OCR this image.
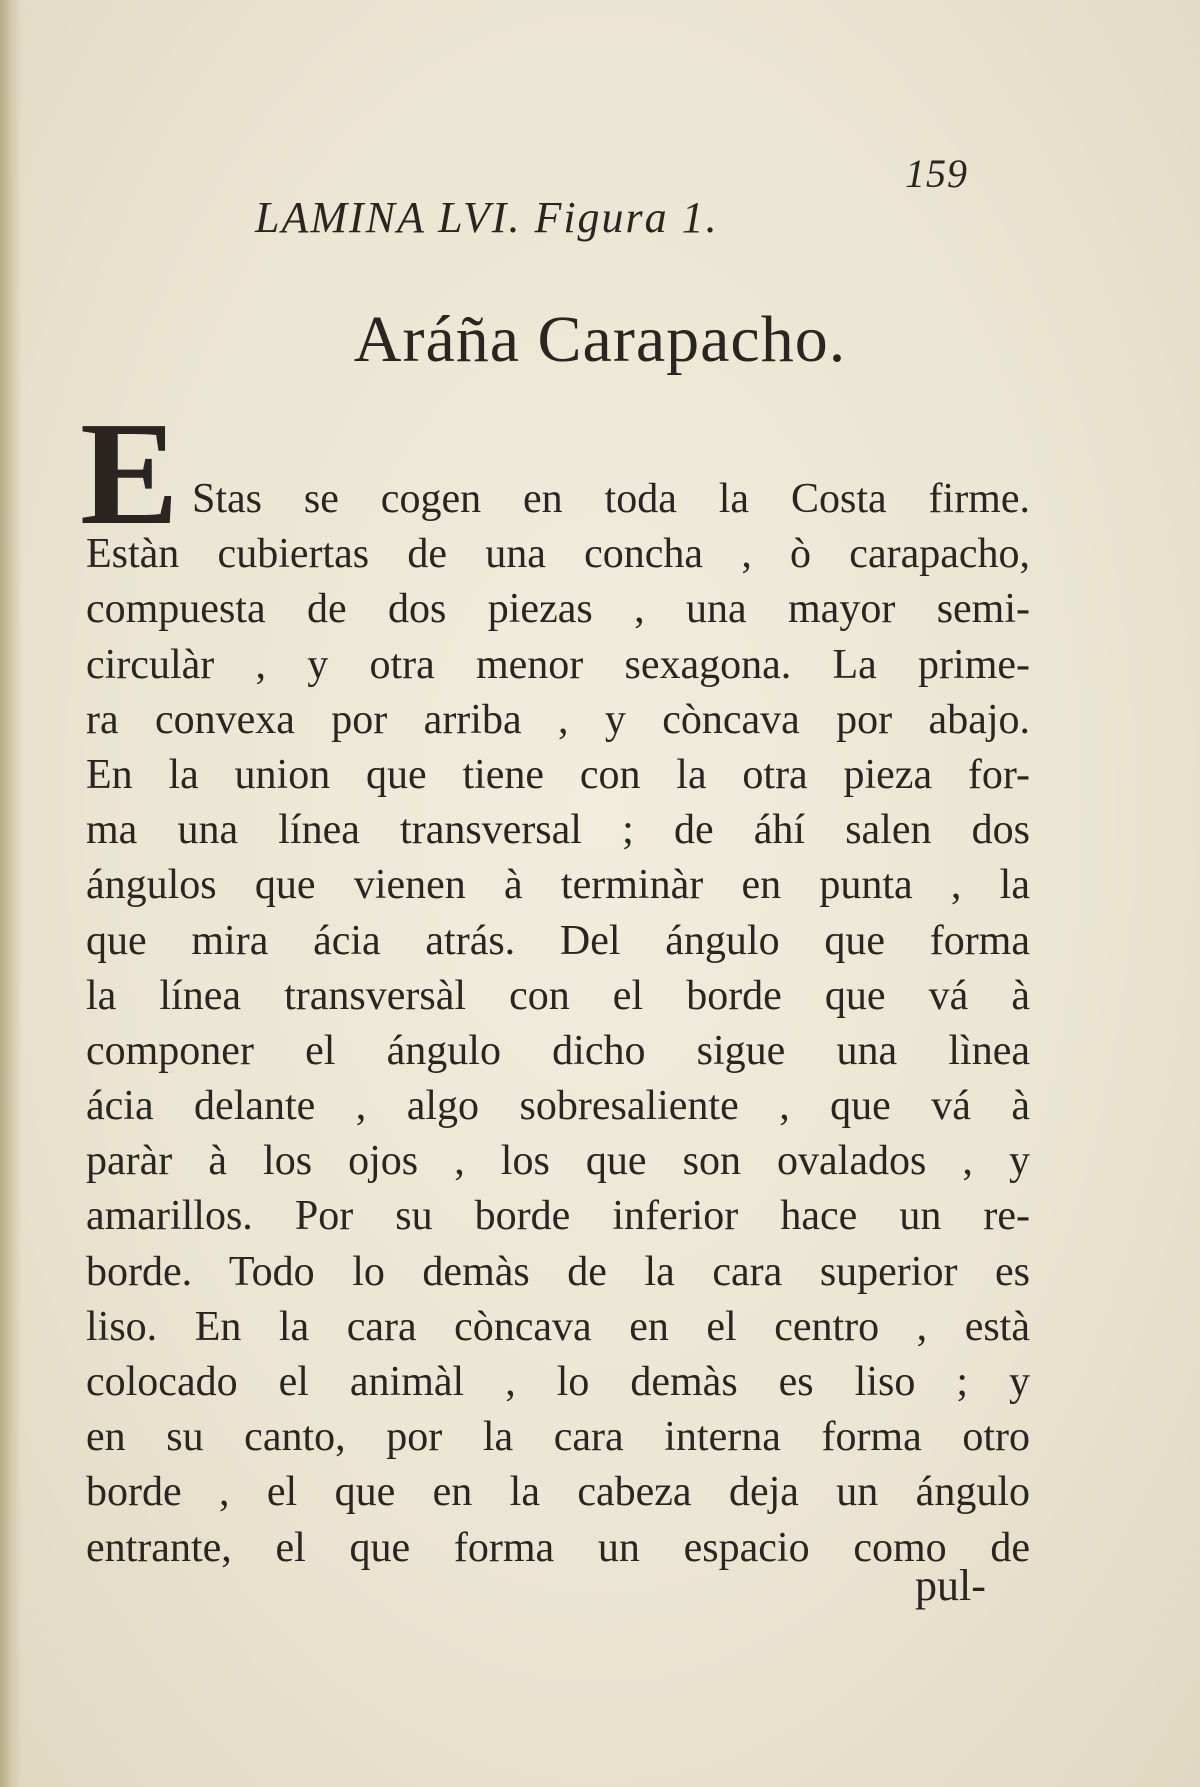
159
LAMINA LVI. Figura 1.
Aráña Carapacho.
E Stas se cogen en toda la Costa firme.
Estàn cubiertas de una concha , ò carapacho,
compuesta de dos piezas , una mayor semi-
circulàr , y otra menor sexagona. La prime-
ra convexa por arriba , y còncava por abajo.
En la union que tiene con la otra pieza for-
ma una línea transversal ; de áhí salen dos
ángulos que vienen à terminàr en punta , la
que mira ácia atrás. Del ángulo que forma
la línea transversàl con el borde que vá à
componer el ángulo dicho sigue una lìnea
ácia delante , algo sobresaliente , que vá à
paràr à los ojos , los que son ovalados , y
amarillos. Por su borde inferior hace un re-
borde. Todo lo demàs de la cara superior es
liso. En la cara còncava en el centro , està
colocado el animàl , lo demàs es liso ; y
en su canto, por la cara interna forma otro
borde , el que en la cabeza deja un ángulo
entrante, el que forma un espacio como de
pul-
